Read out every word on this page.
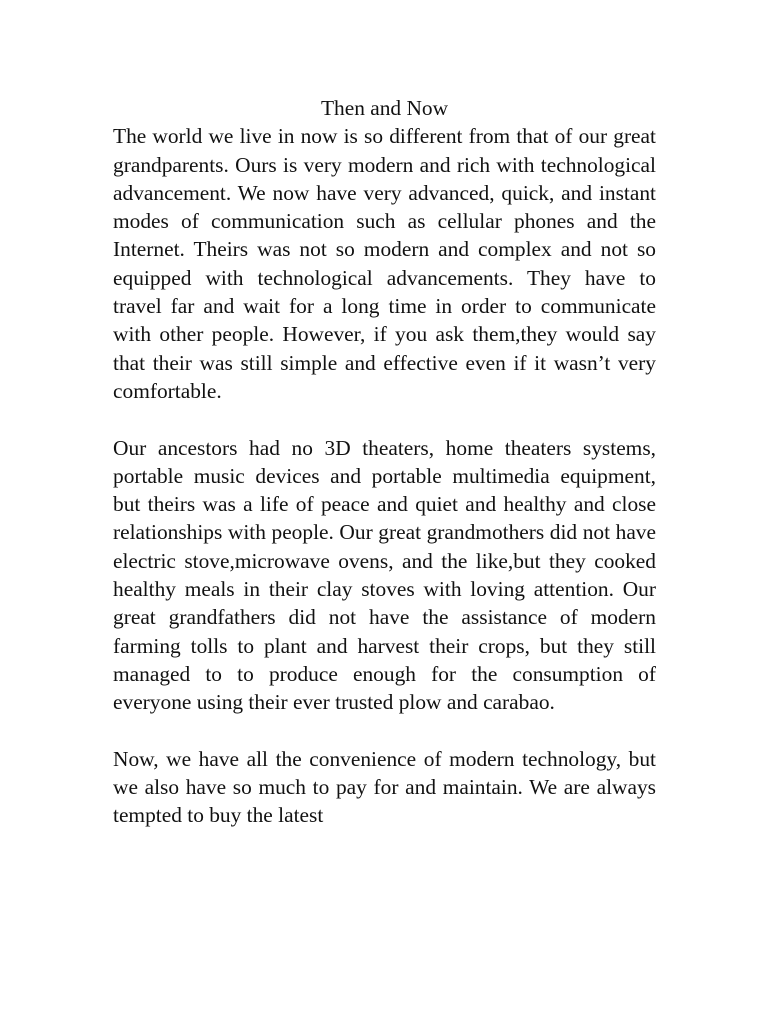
Then and Now

The world we live in now is so different from that of our great grandparents. Ours is very modern and rich with technological advancement. We now have very advanced, quick, and instant modes of communication such as cellular phones and the Internet. Theirs was not so modern and complex and not so equipped with technological advancements. They have to travel far and wait for a long time in order to communicate with other people. However, if you ask them,they would say that their was still simple and effective even if it wasn’t very comfortable.

Our ancestors had no 3D theaters, home theaters systems, portable music devices and portable multimedia equipment, but theirs was a life of peace and quiet and healthy and close relationships with people. Our great grandmothers did not have electric stove,microwave ovens, and the like,but they cooked healthy meals in their clay stoves with loving attention. Our great grandfathers did not have the assistance of modern farming tolls to plant and harvest their crops, but they still managed to to produce enough for the consumption of everyone using their ever trusted plow and carabao.

Now, we have all the convenience of modern technology, but we also have so much to pay for and maintain. We are always tempted to buy the latest
